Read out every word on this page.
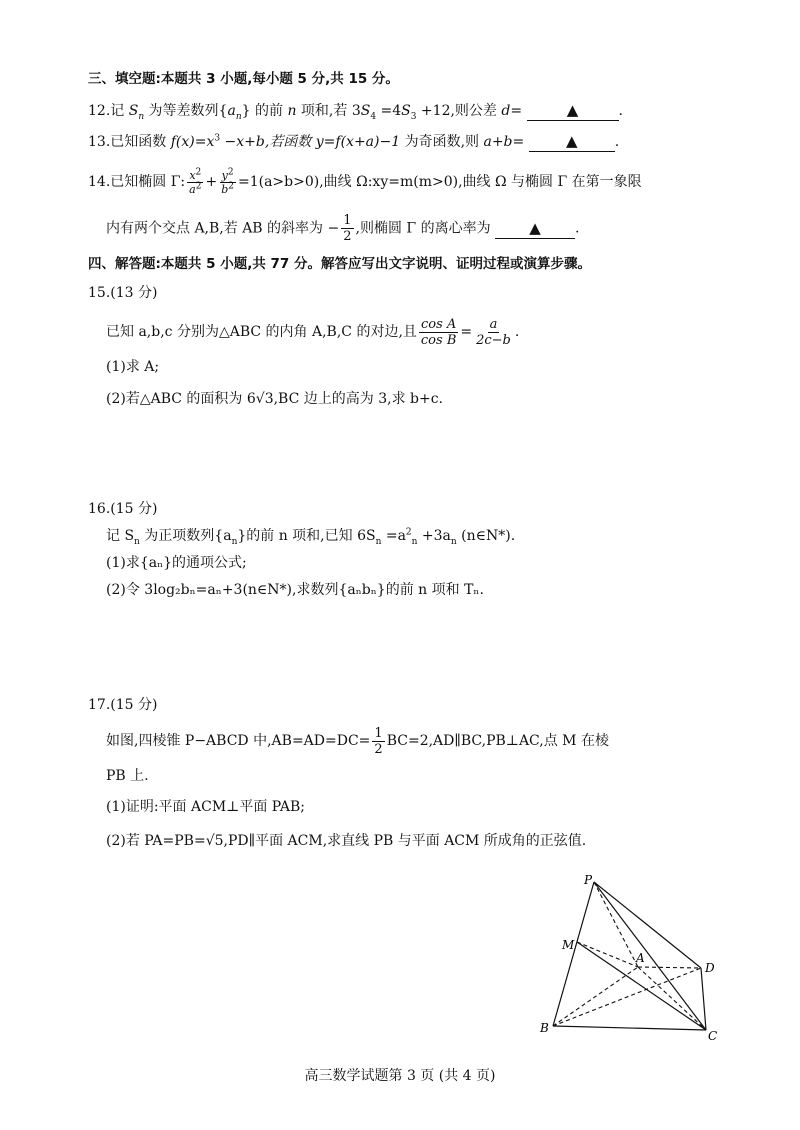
三、填空题:本题共 3 小题,每小题 5 分,共 15 分。
12.记 $S_n$ 为等差数列$\{a_n\}$ 的前 n 项和,若 $3S_4 =4S_3 +12$,则公差 d=	▲	.
13.已知函数 $f(x)=x^3 -x+b$,若函数 y=f(x+a)−1 为奇函数,则 a+b=	▲	.
14.已知椭圆 Γ: $\frac{x^2}{a^2} + \frac{y^2}{b^2} =1(a>b>0)$,曲线 Ω:xy=m(m>0),曲线 Ω 与椭圆 Γ 在第一象限
内有两个交点 A,B,若 AB 的斜率为 − $\frac{1}{2}$ ,则椭圆 Γ 的离心率为	▲ .
四、解答题:本题共 5 小题,共 77 分。解答应写出文字说明、证明过程或演算步骤。
15.(13 分)
已知 a,b,c 分别为△ABC 的内角 A,B,C 的对边,且 $\frac{\text{cos A}}{\text{cos B}} = \frac{a}{2c-b}$ .
(1)求 A;
(2)若△ABC 的面积为 6√3,BC 边上的高为 3,求 b+c.
16.(15 分)
记 $S_n$ 为正项数列$\{a_n\}$的前 n 项和,已知 $6S_n =a^2_n +3a_n$ (n∈N*).
(1)求{aₙ}的通项公式;
(2)令 3log₂bₙ=aₙ+3(n∈N*),求数列{aₙbₙ}的前 n 项和 Tₙ.
17.(15 分)
如图,四棱锥 P−ABCD 中$,AB=AD=DC= \frac{1}{2}$ BC=2,AD∥BC,PB⊥AC,点 M 在棱
PB 上.
(1)证明:平面 ACM⊥平面 PAB;
(2)若 PA=PB=√5,PD∥平面 ACM,求直线 PB 与平面 ACM 所成角的正弦值.
P
M
A
D
B
C
高三数学试题第 3 页 (共 4 页)
